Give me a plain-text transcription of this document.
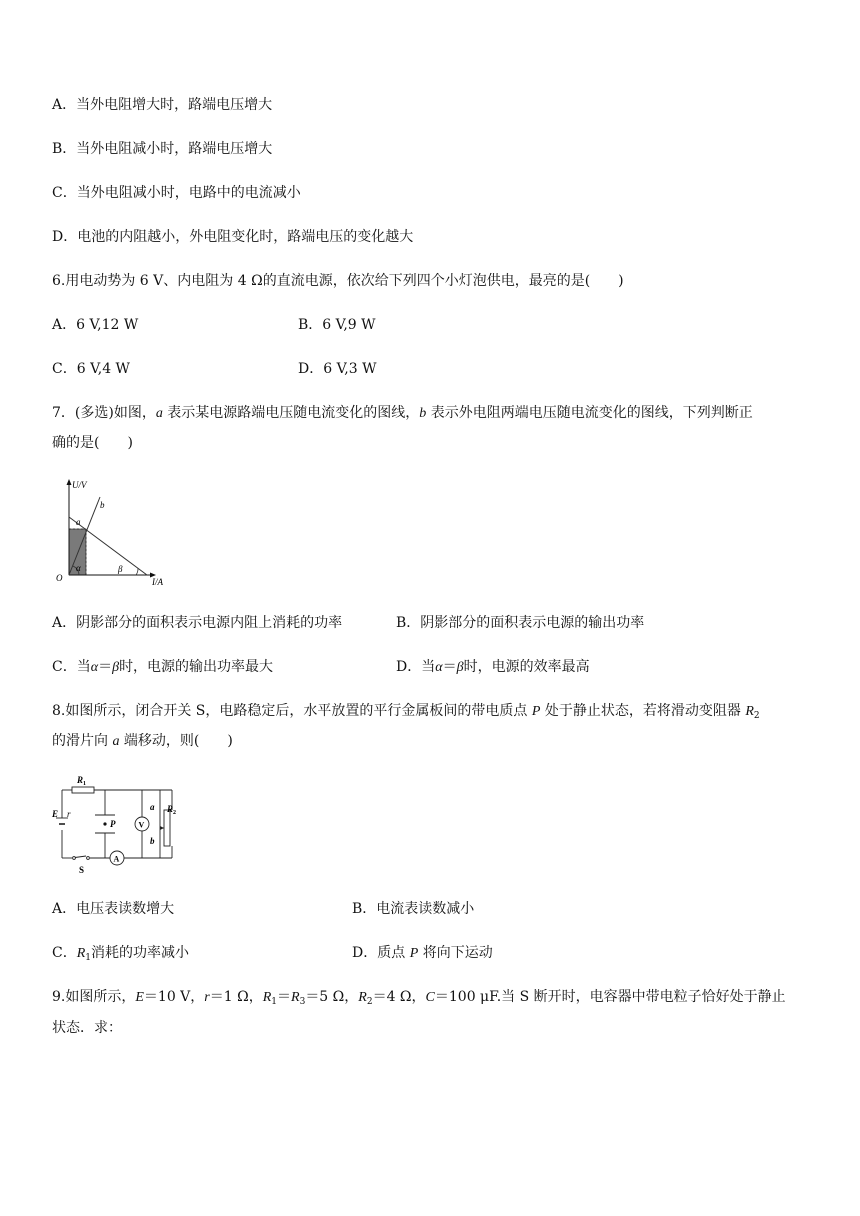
A．当外电阻增大时，路端电压增大
B．当外电阻减小时，路端电压增大
C．当外电阻减小时，电路中的电流减小
D．电池的内阻越小，外电阻变化时，路端电压的变化越大
6.用电动势为 6 V、内电阻为 4 Ω的直流电源，依次给下列四个小灯泡供电，最亮的是(　　)
A．6 V,12 W	B．6 V,9 W
C．6 V,4 W	D．6 V,3 W
7．(多选)如图，a 表示某电源路端电压随电流变化的图线，b 表示外电阻两端电压随电流变化的图线，下列判断正
确的是(　　)
U/V
I/A
O
a
b
α	β
A．阴影部分的面积表示电源内阻上消耗的功率	B．阴影部分的面积表示电源的输出功率
C．当α＝β时，电源的输出功率最大	D．当α＝β时，电源的效率最高
8.如图所示，闭合开关 S，电路稳定后，水平放置的平行金属板间的带电质点 P 处于静止状态，若将滑动变阻器 $R_2$
的滑片向 a 端移动，则(　　)
$R_1$
$R_2$
E r
P	V
A
S
a
b
A．电压表读数增大	B．电流表读数减小
C．$R_1$消耗的功率减小	D．质点 P 将向下运动
9.如图所示，E＝10 V，r＝1 Ω，$R_1=R_3=5$ Ω，$R_2=4$ Ω，C＝100 μF.当 S 断开时，电容器中带电粒子恰好处于静止
状态．求：
